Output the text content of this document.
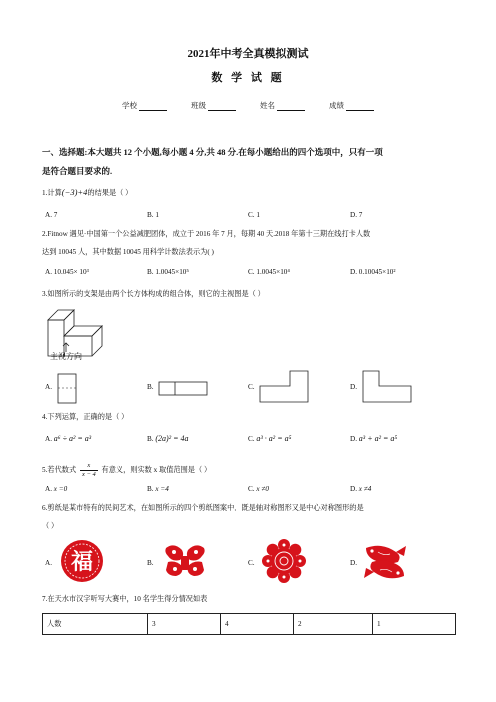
2021年中考全真模拟测试
数 学 试 题
学校	班级	姓名	成绩
一、选择题:本大题共 12 个小题,每小题 4 分,共 48 分.在每小题给出的四个选项中，只有一项
是符合题目要求的.
1.计算(−3)+4的结果是（ ）
A. 7	B. 1	C. 1	D. 7
2.Fitnow 遇见·中国第一个公益减肥团体，成立于 2016 年 7 月，每期 40 天.2018 年第十三期在线打卡人数
达到 10045 人，其中数据 10045 用科学计数法表示为( )
A. 10.045× 10³	B. 1.0045×10⁵	C. 1.0045×10⁴	D. 0.10045×10²
3.如图所示的支架是由两个长方体构成的组合体，则它的主视图是（ ）
主视方向
A.	B.	C.	D.
4.下列运算，正确的是（ ）
A. a⁶ ÷ a² = a³	B. (2a)² = 4a	C. a³ · a² = a⁵	D. a³ + a² = a⁵
5.若代数式 $\frac{x}{x - 4}$ 有意义，则实数 x 取值范围是（ ）
A. x =0	B. x =4	C. x ≠0	D. x ≠4
6.剪纸是某市特有的民间艺术，在如图所示的四个剪纸图案中．既是轴对称图形又是中心对称图形的是
（ ）
A. 福	B.	C.	D.
7.在天水市汉字听写大赛中，10 名学生得分情况如表
人数	3	4	2	1
